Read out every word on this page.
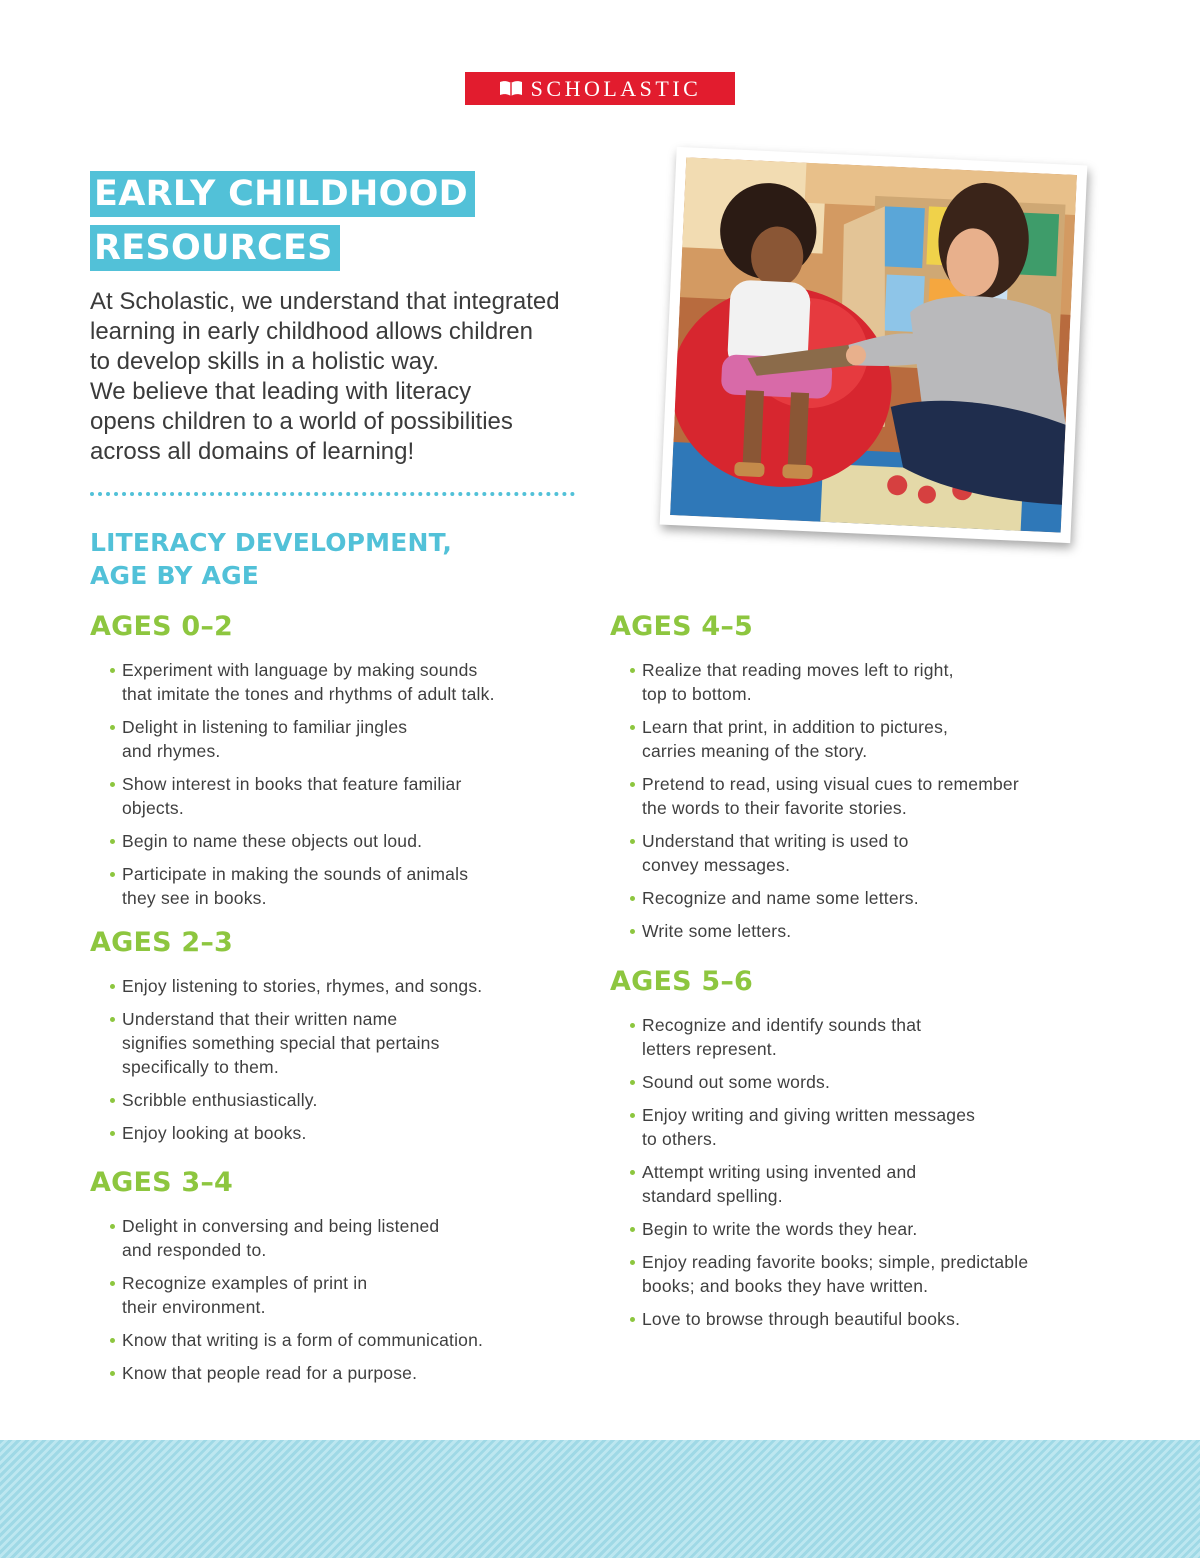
SCHOLASTIC
EARLY CHILDHOOD
RESOURCES

At Scholastic, we understand that integrated
learning in early childhood allows children
to develop skills in a holistic way.

We believe that leading with literacy
opens children to a world of possibilities
across all domains of learning!

LITERACY DEVELOPMENT,
AGE BY AGE
AGES 0–2
Experiment with language by making sounds
that imitate the tones and rhythms of adult talk.
Delight in listening to familiar jingles
and rhymes.
Show interest in books that feature familiar
objects.
Begin to name these objects out loud.
Participate in making the sounds of animals
they see in books.
AGES 2–3
Enjoy listening to stories, rhymes, and songs.
Understand that their written name
signifies something special that pertains
specifically to them.
Scribble enthusiastically.
Enjoy looking at books.
AGES 3–4
Delight in conversing and being listened
and responded to.
Recognize examples of print in
their environment.
Know that writing is a form of communication.
Know that people read for a purpose.
AGES 4–5
Realize that reading moves left to right,
top to bottom.
Learn that print, in addition to pictures,
carries meaning of the story.
Pretend to read, using visual cues to remember
the words to their favorite stories.
Understand that writing is used to
convey messages.
Recognize and name some letters.
Write some letters.
AGES 5–6
Recognize and identify sounds that
letters represent.
Sound out some words.
Enjoy writing and giving written messages
to others.
Attempt writing using invented and
standard spelling.
Begin to write the words they hear.
Enjoy reading favorite books; simple, predictable
books; and books they have written.
Love to browse through beautiful books.
